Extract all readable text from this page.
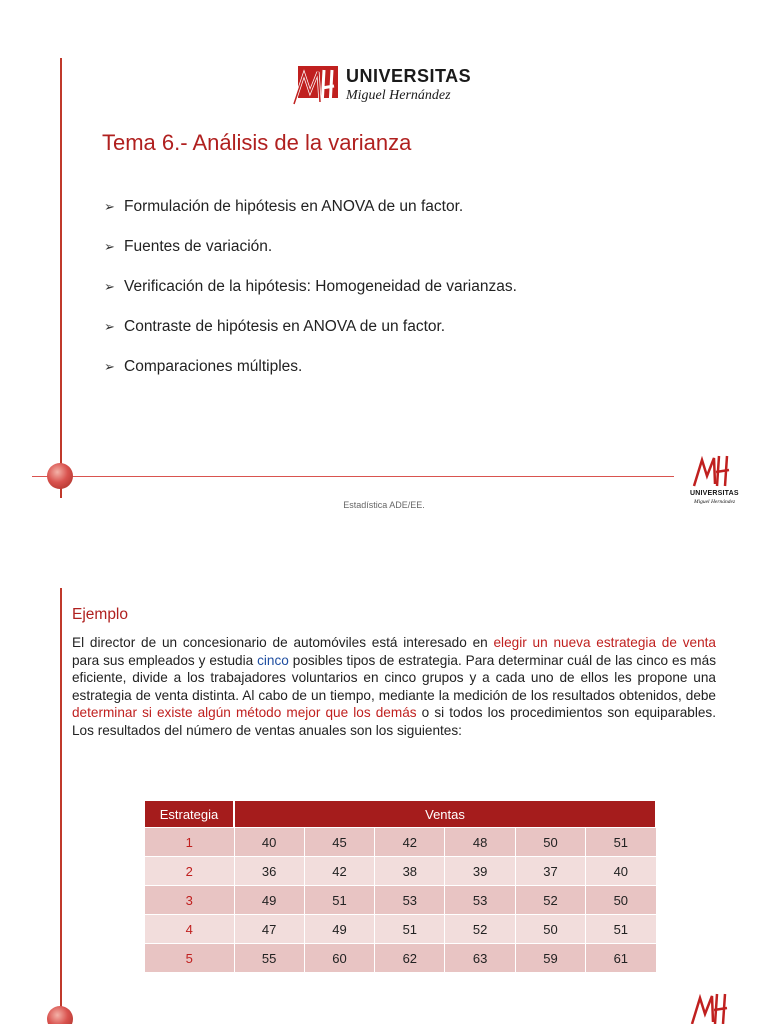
UNIVERSITAS
Miguel Hernández
Tema 6.- Análisis de la varianza
➢ Formulación de hipótesis en ANOVA de un factor.
➢ Fuentes de variación.
➢ Verificación de la hipótesis: Homogeneidad de varianzas.
➢ Contraste de hipótesis en ANOVA de un factor.
➢ Comparaciones múltiples.
UNIVERSITAS
Miguel Hernández
Estadística ADE/EE.
Ejemplo
El director de un concesionario de automóviles está interesado en elegir un nueva estrategia de venta para sus empleados y estudia cinco posibles tipos de estrategia. Para determinar cuál de las cinco es más eficiente, divide a los trabajadores voluntarios en cinco grupos y a cada uno de ellos les propone una estrategia de venta distinta. Al cabo de un tiempo, mediante la medición de los resultados obtenidos, debe determinar si existe algún método mejor que los demás o si todos los procedimientos son equiparables. Los resultados del número de ventas anuales son los siguientes:
Estrategia	Ventas					
1	40	45	42	48	50	51
2	36	42	38	39	37	40
3	49	51	53	53	52	50
4	47	49	51	52	50	51
5	55	60	62	63	59	61
